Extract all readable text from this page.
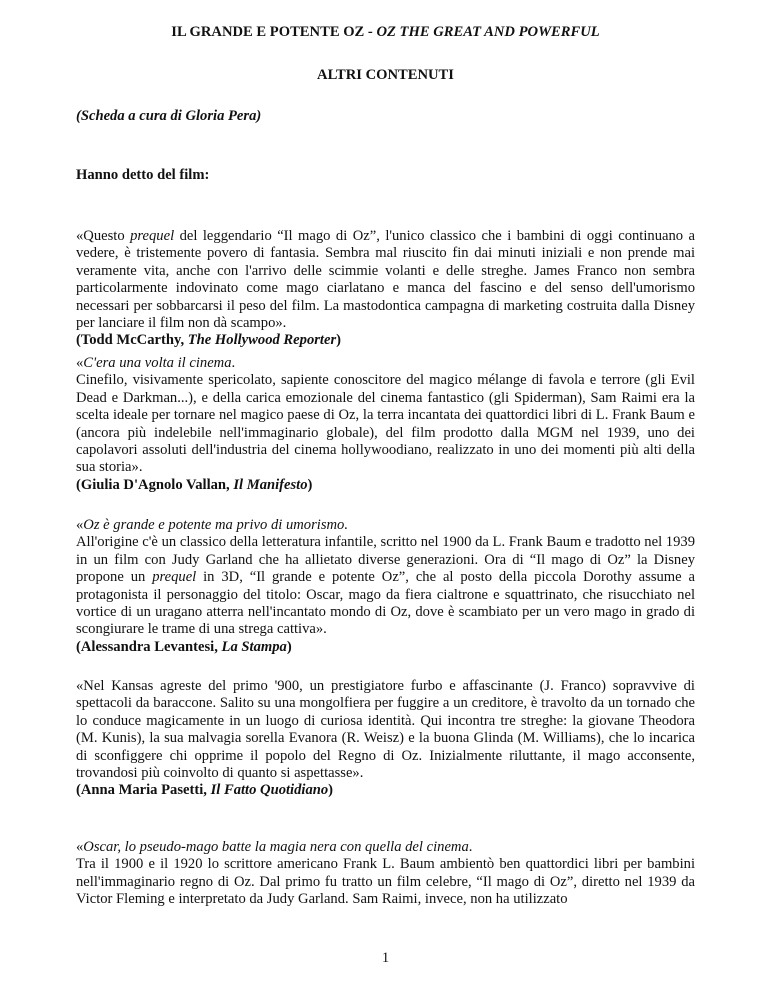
IL GRANDE E POTENTE OZ - OZ THE GREAT AND POWERFUL
ALTRI CONTENUTI
(Scheda a cura di Gloria Pera)
Hanno detto del film:

«Questo prequel del leggendario “Il mago di Oz”, l'unico classico che i bambini di oggi continuano a vedere, è tristemente povero di fantasia. Sembra mal riuscito fin dai minuti iniziali e non prende mai veramente vita, anche con l'arrivo delle scimmie volanti e delle streghe. James Franco non sembra particolarmente indovinato come mago ciarlatano e manca del fascino e del senso dell'umorismo necessari per sobbarcarsi il peso del film. La mastodontica campagna di marketing costruita dalla Disney per lanciare il film non dà scampo».

(Todd McCarthy, The Hollywood Reporter)

«C'era una volta il cinema.

Cinefilo, visivamente spericolato, sapiente conoscitore del magico mélange di favola e terrore (gli Evil Dead e Darkman...), e della carica emozionale del cinema fantastico (gli Spiderman), Sam Raimi era la scelta ideale per tornare nel magico paese di Oz, la terra incantata dei quattordici libri di L. Frank Baum e (ancora più indelebile nell'immaginario globale), del film prodotto dalla MGM nel 1939, uno dei capolavori assoluti dell'industria del cinema hollywoodiano, realizzato in uno dei momenti più alti della sua storia».

(Giulia D'Agnolo Vallan, Il Manifesto)

«Oz è grande e potente ma privo di umorismo.

All'origine c'è un classico della letteratura infantile, scritto nel 1900 da L. Frank Baum e tradotto nel 1939 in un film con Judy Garland che ha allietato diverse generazioni. Ora di “Il mago di Oz” la Disney propone un prequel in 3D, “Il grande e potente Oz”, che al posto della piccola Dorothy assume a protagonista il personaggio del titolo: Oscar, mago da fiera cialtrone e squattrinato, che risucchiato nel vortice di un uragano atterra nell'incantato mondo di Oz, dove è scambiato per un vero mago in grado di scongiurare le trame di una strega cattiva».

(Alessandra Levantesi, La Stampa)

«Nel Kansas agreste del primo '900, un prestigiatore furbo e affascinante (J. Franco) sopravvive di spettacoli da baraccone. Salito su una mongolfiera per fuggire a un creditore, è travolto da un tornado che lo conduce magicamente in un luogo di curiosa identità. Qui incontra tre streghe: la giovane Theodora (M. Kunis), la sua malvagia sorella Evanora (R. Weisz) e la buona Glinda (M. Williams), che lo incarica di sconfiggere chi opprime il popolo del Regno di Oz. Inizialmente riluttante, il mago acconsente, trovandosi più coinvolto di quanto si aspettasse».

(Anna Maria Pasetti, Il Fatto Quotidiano)

«Oscar, lo pseudo-mago batte la magia nera con quella del cinema.

Tra il 1900 e il 1920 lo scrittore americano Frank L. Baum ambientò ben quattordici libri per bambini nell'immaginario regno di Oz. Dal primo fu tratto un film celebre, “Il mago di Oz”, diretto nel 1939 da Victor Fleming e interpretato da Judy Garland. Sam Raimi, invece, non ha utilizzato

1
